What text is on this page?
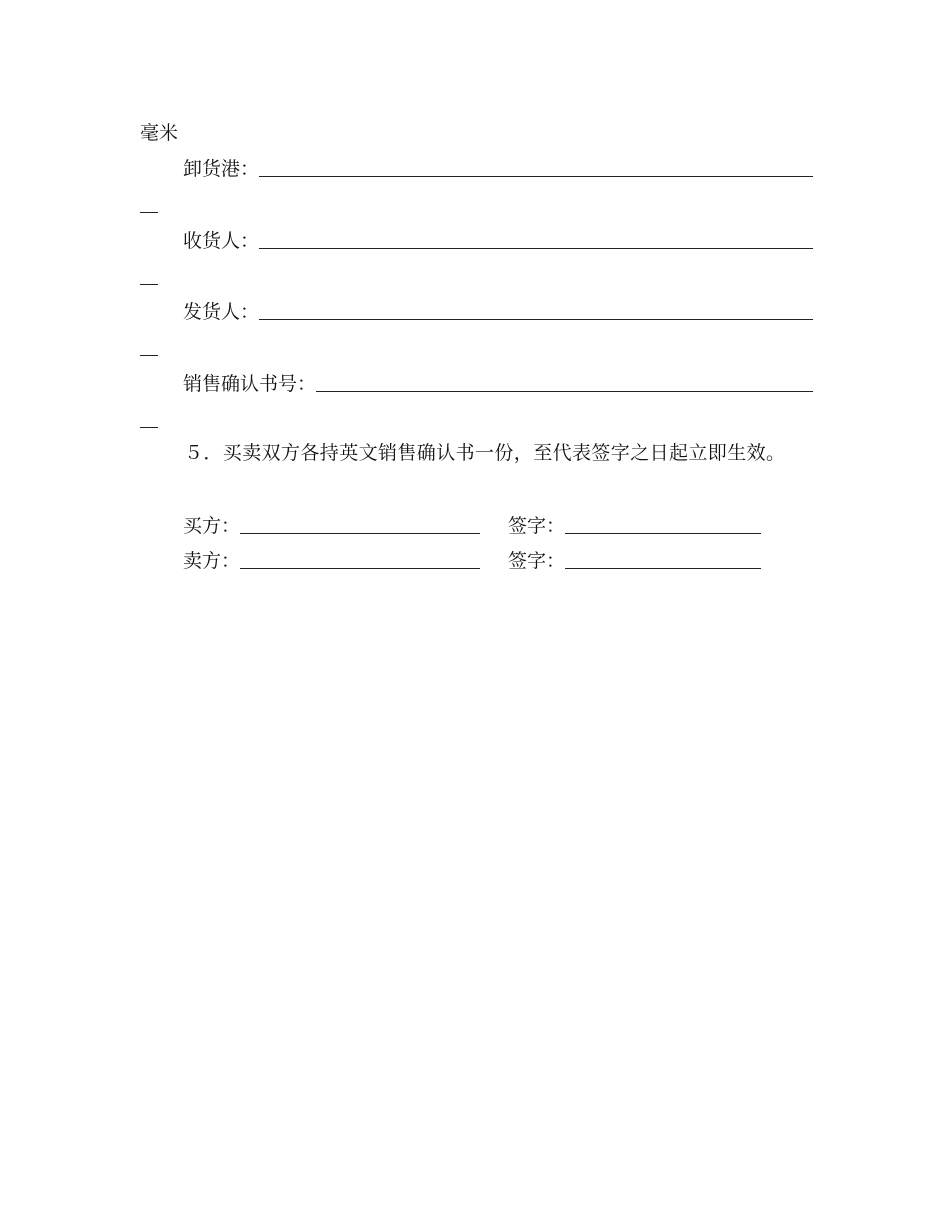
毫米
卸货港：
收货人：
发货人：
销售确认书号：
５．买卖双方各持英文销售确认书一份，至代表签字之日起立即生效。
买方：	签字：
卖方：	签字：
